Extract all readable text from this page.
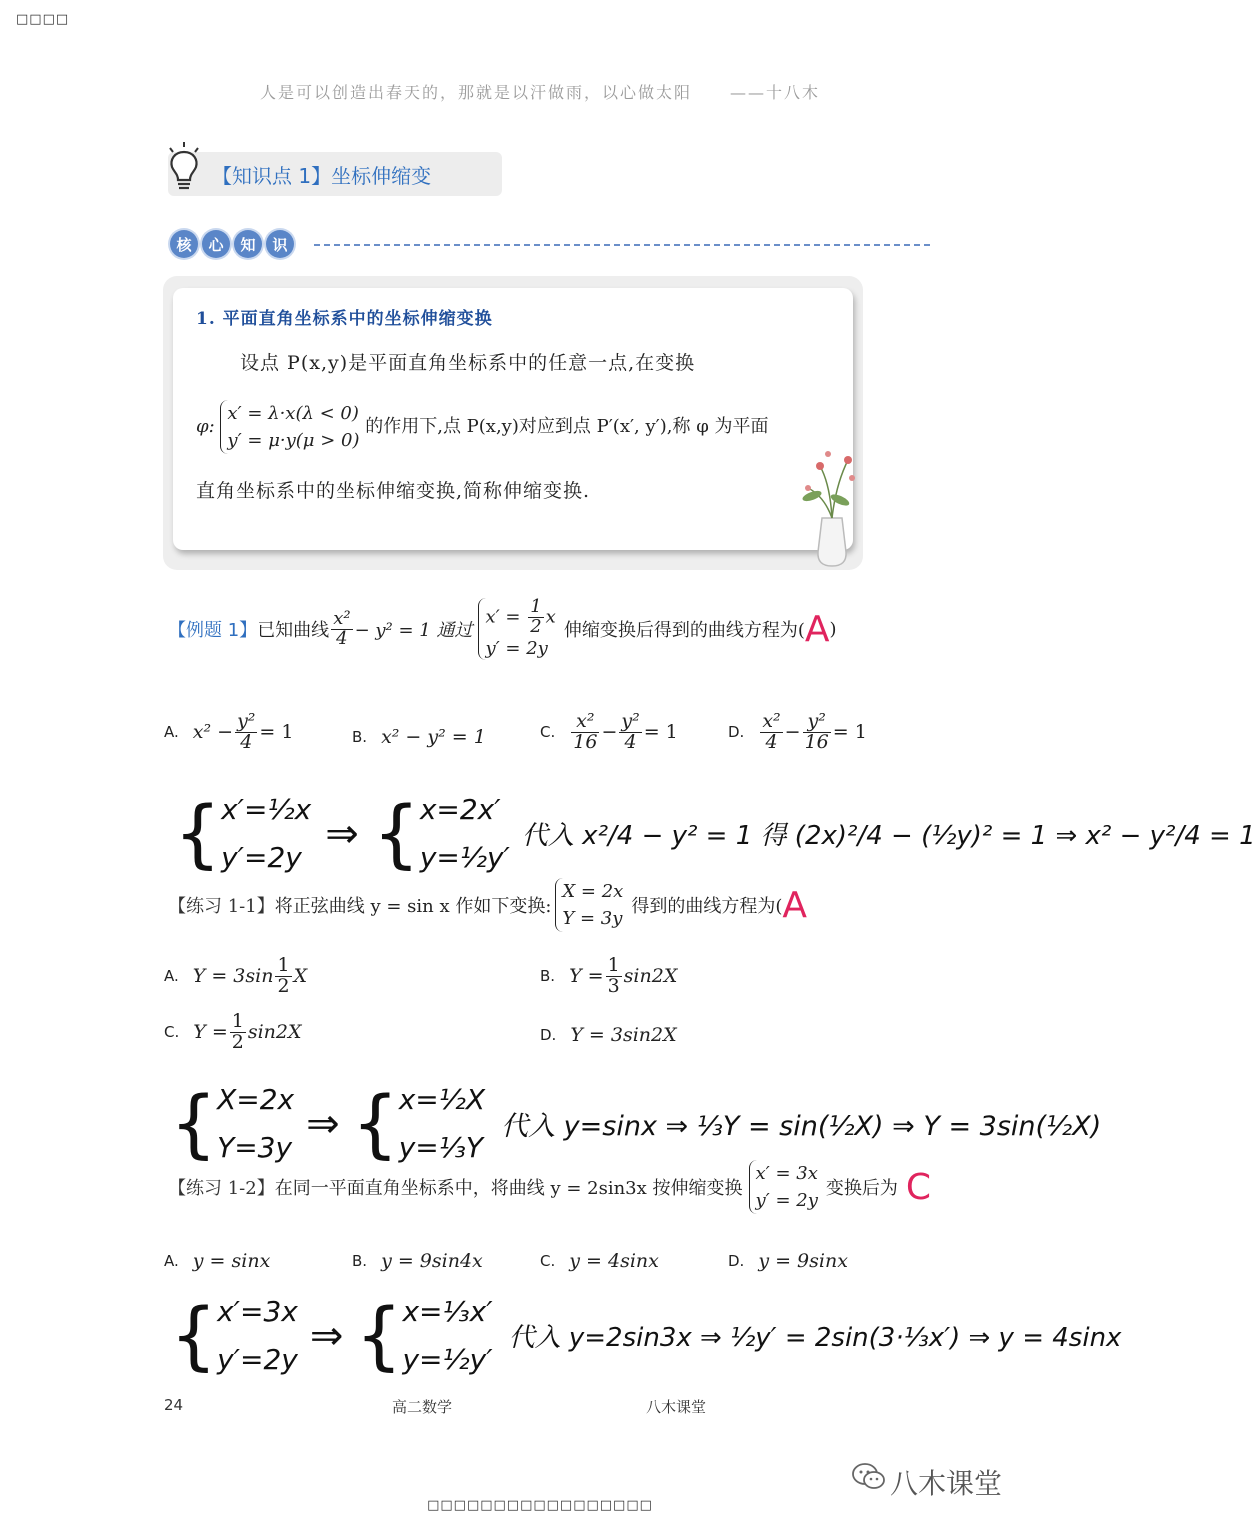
□□□□
人是可以创造出春天的，那就是以汗做雨，以心做太阳 ——十八木
【知识点 1】坐标伸缩变
核	心	知	识
1. 平面直角坐标系中的坐标伸缩变换
设点 P(x,y)是平面直角坐标系中的任意一点,在变换
φ: x′ = λ·x(λ < 0)
y′ = μ·y(μ > 0) 的作用下,点 P(x,y)对应到点 P′(x′, y′),称 φ 为平面
直角坐标系中的坐标伸缩变换,简称伸缩变换.
【例题 1】 已知曲线 $\frac{\text{x²}}{4} - y^2 = 1$ 通过
$x' = \frac{1}{2}$ x
y′ = 2y
伸缩变换后得到的曲线方程为( A )
A. $x^2 - \frac{\text{y²}}{4} = 1$	B. x² − y² = 1	C. $\frac{\text{x²}}{16} - \frac{\text{y²}}{4} = 1$	D. $\frac{\text{x²}}{4} - \frac{\text{y²}}{16} = 1$
{ x′=½x
y′=2y
⇒ { x=2x′
y=½y′
代入 x²/4 − y² = 1 得 (2x)²/4 − (½y)² = 1 ⇒ x² − y²/4 = 1
【练习 1-1】 将正弦曲线 y = sin x 作如下变换:
X = 2x
Y = 3y
得到的曲线方程为( A
A. $Y = 3\sin \frac{1}{2}$ X	B. $Y = \frac{1}{3} \sin 2X$
C. $Y = \frac{1}{2} \sin 2X$	D. Y = 3sin2X
{ X=2x
Y=3y
⇒ { x=½X
y=⅓Y
代入 y=sinx ⇒ ⅓Y = sin(½X) ⇒ Y = 3sin(½X)
【练习 1-2】 在同一平面直角坐标系中，将曲线 y = 2sin3x 按伸缩变换
x′ = 3x
y′ = 2y
变换后为 C
A. y = sinx	B. y = 9sin4x	C. y = 4sinx	D. y = 9sinx
{ x′=3x
y′=2y
⇒ { x=⅓x′
y=½y′
代入 y=2sin3x ⇒ ½y′ = 2sin(3·⅓x′) ⇒ y = 4sinx
24	高二数学	八木课堂
八木课堂
□□□□□□□□□□□□□□□□□
